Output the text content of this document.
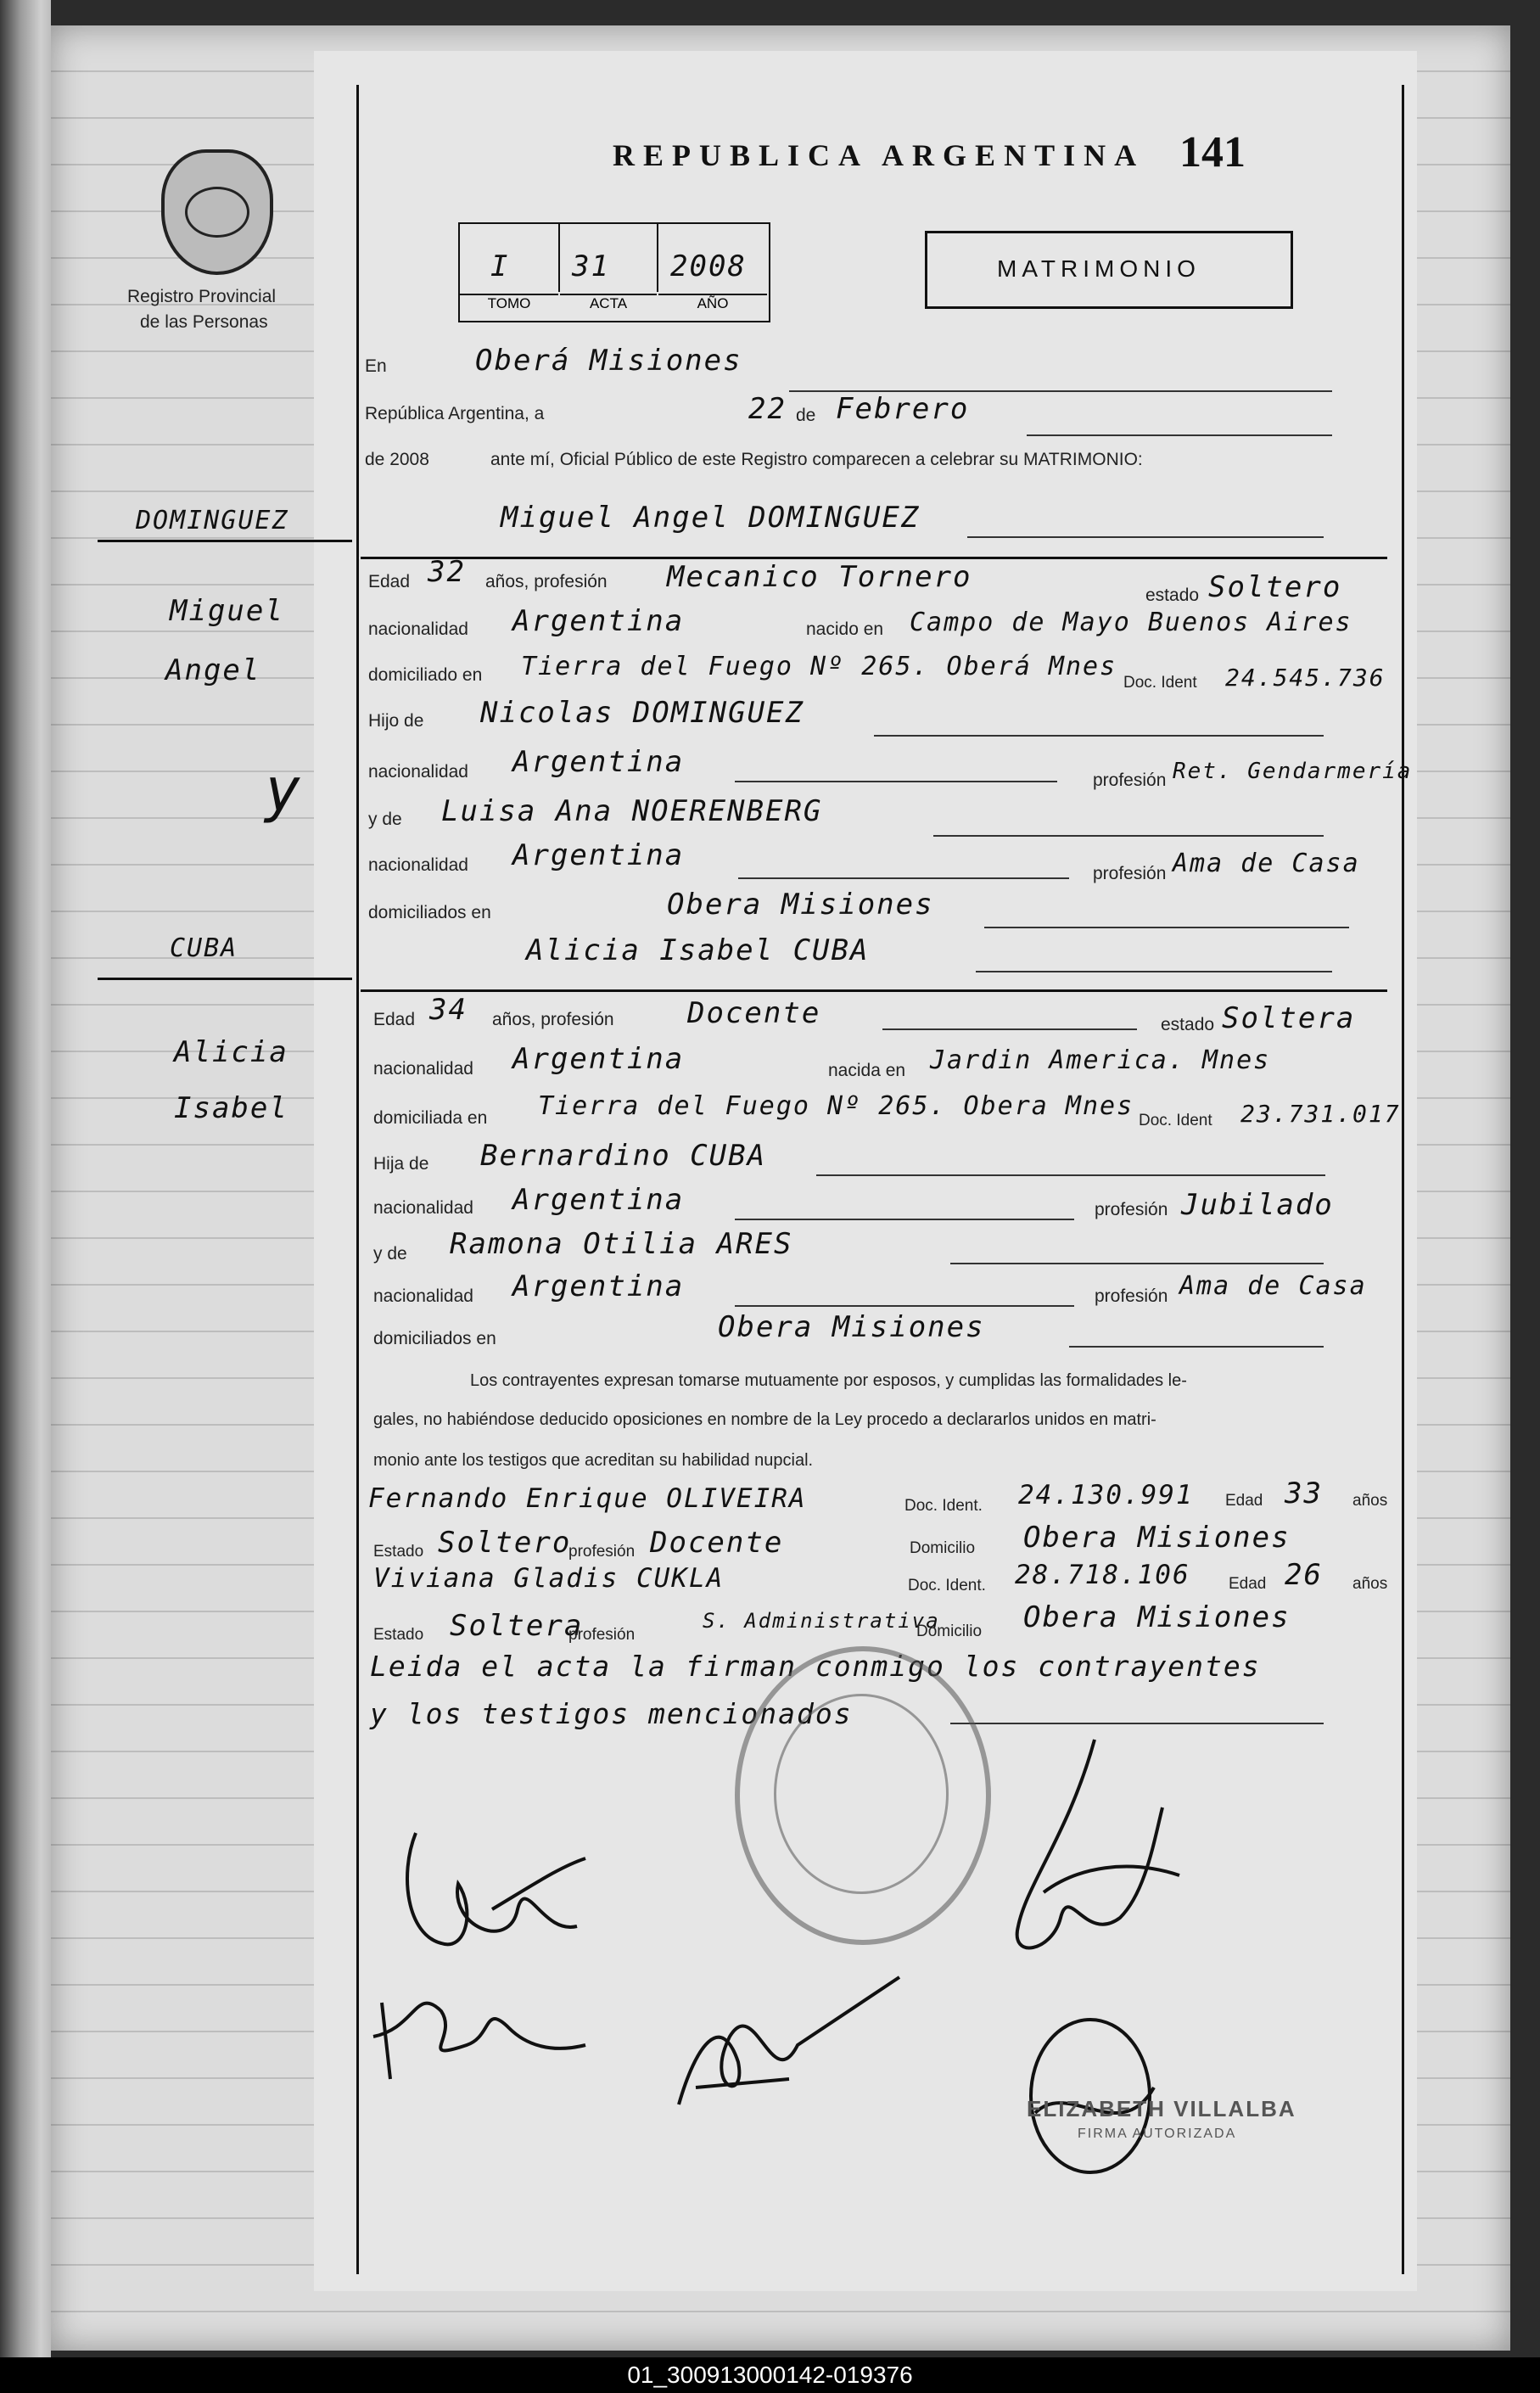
Registro Provincial
de las Personas
REPUBLICA ARGENTINA 141
I 31 2008
TOMO	ACTA	AÑO
MATRIMONIO
DOMINGUEZ
Miguel
Angel
y
CUBA
Alicia
Isabel
En	Oberá Misiones
República Argentina, a	22 de Febrero
de 2008	ante mí, Oficial Público de este Registro comparecen a celebrar su MATRIMONIO:
Miguel Angel DOMINGUEZ
Edad 32 años, profesión Mecanico Tornero
estado Soltero
nacionalidad Argentina	nacido en Campo de Mayo Buenos Aires
domiciliado en Tierra del Fuego Nº 265. Oberá Mnes
Doc. Ident 24.545.736
Hijo de Nicolas DOMINGUEZ
nacionalidad Argentina
profesión Ret. Gendarmería
y de Luisa Ana NOERENBERG
nacionalidad Argentina
profesión Ama de Casa
domiciliados en	Obera Misiones
Alicia Isabel CUBA
Edad 34 años, profesión	Docente	estado Soltera
nacionalidad Argentina	nacida en Jardin America. Mnes
domiciliada en Tierra del Fuego Nº 265. Obera Mnes Doc. Ident 23.731.017
Hija de Bernardino CUBA
nacionalidad Argentina	profesión Jubilado
y de Ramona Otilia ARES
nacionalidad Argentina	profesión Ama de Casa
domiciliados en	Obera Misiones
Los contrayentes expresan tomarse mutuamente por esposos, y cumplidas las formalidades le-
gales, no habiéndose deducido oposiciones en nombre de la Ley procedo a declararlos unidos en matri-
monio ante los testigos que acreditan su habilidad nupcial.
Fernando Enrique OLIVEIRA	Doc. Ident. 24.130.991 Edad 33 años
Estado Soltero
profesión Docente	Domicilio Obera Misiones
Viviana Gladis CUKLA	Doc. Ident. 28.718.106 Edad 26 años
Estado Soltera
profesión
S. Administrativa
Domicilio Obera Misiones
Leida el acta la firman conmigo los contrayentes
y los testigos mencionados
ELIZABETH VILLALBA
FIRMA AUTORIZADA
01_300913000142-019376
